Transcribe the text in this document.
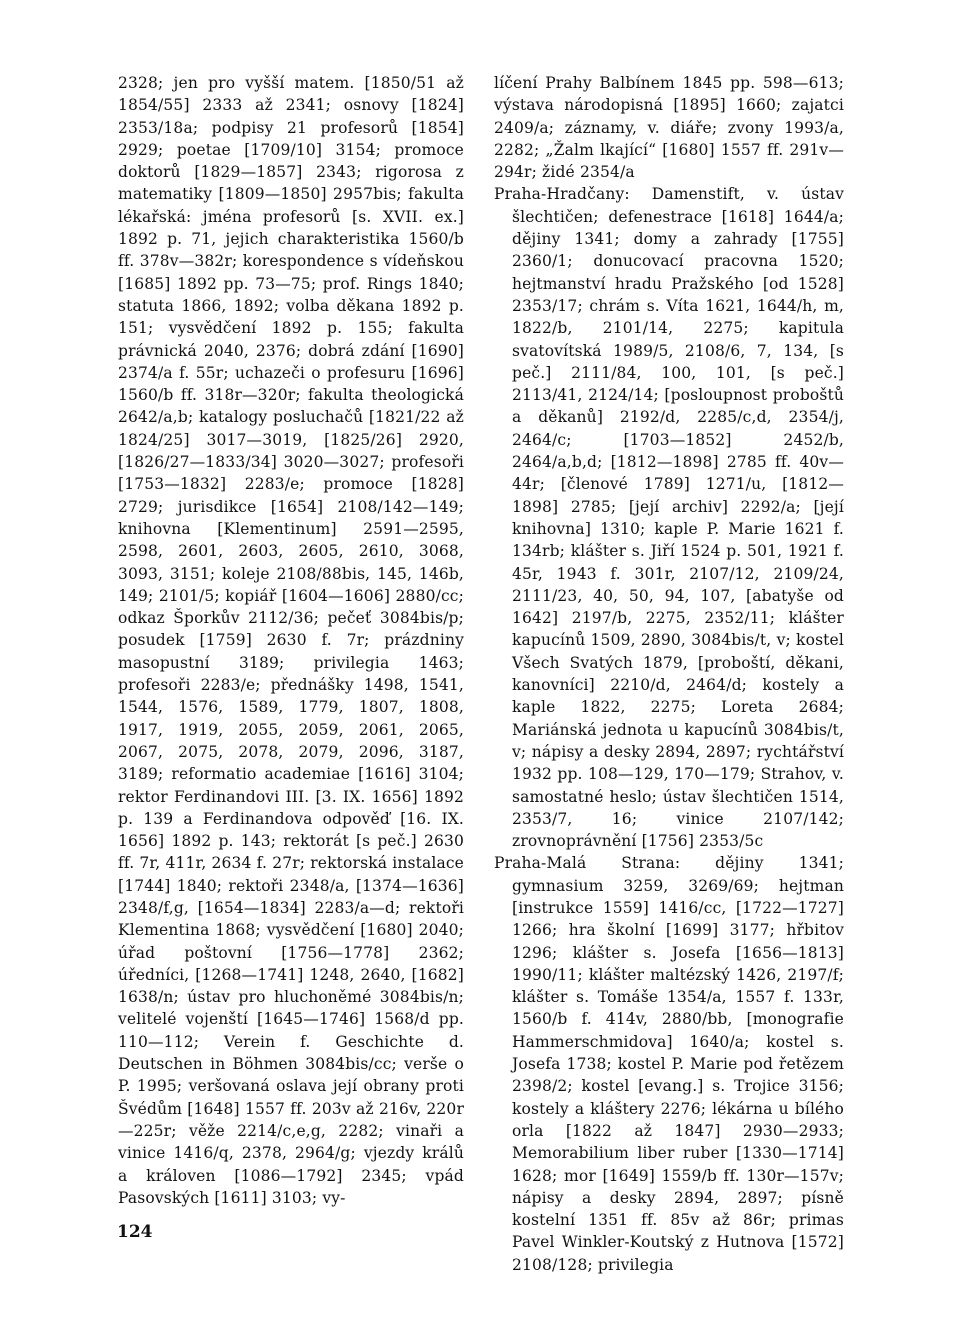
2328; jen pro vyšší matem. [1850/51 až 1854/55] 2333 až 2341; osnovy [1824] 2353/18a; podpisy 21 profesorů [1854] 2929; poetae [1709/10] 3154; promoce doktorů [1829—1857] 2343; rigorosa z matematiky [1809—1850] 2957bis; fakulta lékařská: jména profesorů [s. XVII. ex.] 1892 p. 71, jejich charakteristika 1560/b ff. 378v—382r; korespondence s vídeňskou [1685] 1892 pp. 73—75; prof. Rings 1840; statuta 1866, 1892; volba děkana 1892 p. 151; vysvědčení 1892 p. 155; fakulta právnická 2040, 2376; dobrá zdání [1690] 2374/a f. 55r; uchazeči o profesuru [1696] 1560/b ff. 318r—320r; fakulta theologická 2642/a,b; katalogy posluchačů [1821/22 až 1824/25] 3017—3019, [1825/26] 2920, [1826/27—1833/34] 3020—3027; profesoři [1753—1832] 2283/e; promoce [1828] 2729; jurisdikce [1654] 2108/142—149; knihovna [Klementinum] 2591—2595, 2598, 2601, 2603, 2605, 2610, 3068, 3093, 3151; koleje 2108/88bis, 145, 146b, 149; 2101/5; kopiář [1604—1606] 2880/cc; odkaz Šporkův 2112/36; pečeť 3084bis/p; posudek [1759] 2630 f. 7r; prázdniny masopustní 3189; privilegia 1463; profesoři 2283/e; přednášky 1498, 1541, 1544, 1576, 1589, 1779, 1807, 1808, 1917, 1919, 2055, 2059, 2061, 2065, 2067, 2075, 2078, 2079, 2096, 3187, 3189; reformatio academiae [1616] 3104; rektor Ferdinandovi III. [3. IX. 1656] 1892 p. 139 a Ferdinandova odpověď [16. IX. 1656] 1892 p. 143; rektorát [s peč.] 2630 ff. 7r, 411r, 2634 f. 27r; rektorská instalace [1744] 1840; rektoři 2348/a, [1374—1636] 2348/f,g, [1654—1834] 2283/a—d; rektoři Klementina 1868; vysvědčení [1680] 2040; úřad poštovní [1756—1778] 2362; úředníci, [1268—1741] 1248, 2640, [1682] 1638/n; ústav pro hluchoněmé 3084bis/n; velitelé vojenští [1645—1746] 1568/d pp. 110—112; Verein f. Geschichte d. Deutschen in Böhmen 3084bis/cc; verše o P. 1995; veršovaná oslava její obrany proti Švédům [1648] 1557 ff. 203v až 216v, 220r—225r; věže 2214/c,e,g, 2282; vinaři a vinice 1416/q, 2378, 2964/g; vjezdy králů a královen [1086—1792] 2345; vpád Pasovských [1611] 3103; vy-

líčení Prahy Balbínem 1845 pp. 598—613; výstava národopisná [1895] 1660; zajatci 2409/a; záznamy, v. diáře; zvony 1993/a, 2282; „Žalm lkající“ [1680] 1557 ff. 291v—294r; židé 2354/a

Praha-Hradčany: Damenstift, v. ústav šlechtičen; defenestrace [1618] 1644/a; dějiny 1341; domy a zahrady [1755] 2360/1; donucovací pracovna 1520; hejtmanství hradu Pražského [od 1528] 2353/17; chrám s. Víta 1621, 1644/h, m, 1822/b, 2101/14, 2275; kapitula svatovítská 1989/5, 2108/6, 7, 134, [s peč.] 2111/84, 100, 101, [s peč.] 2113/41, 2124/14; [posloupnost proboštů a děkanů] 2192/d, 2285/c,d, 2354/j, 2464/c; [1703—1852] 2452/b, 2464/a,b,d; [1812—1898] 2785 ff. 40v—44r; [členové 1789] 1271/u, [1812—1898] 2785; [její archiv] 2292/a; [její knihovna] 1310; kaple P. Marie 1621 f. 134rb; klášter s. Jiří 1524 p. 501, 1921 f. 45r, 1943 f. 301r, 2107/12, 2109/24, 2111/23, 40, 50, 94, 107, [abatyše od 1642] 2197/b, 2275, 2352/11; klášter kapucínů 1509, 2890, 3084bis/t, v; kostel Všech Svatých 1879, [proboští, děkani, kanovníci] 2210/d, 2464/d; kostely a kaple 1822, 2275; Loreta 2684; Mariánská jednota u kapucínů 3084bis/t, v; nápisy a desky 2894, 2897; rychtářství 1932 pp. 108—129, 170—179; Strahov, v. samostatné heslo; ústav šlechtičen 1514, 2353/7, 16; vinice 2107/142; zrovnoprávnění [1756] 2353/5c

Praha-Malá Strana: dějiny 1341; gymnasium 3259, 3269/69; hejtman [instrukce 1559] 1416/cc, [1722—1727] 1266; hra školní [1699] 3177; hřbitov 1296; klášter s. Josefa [1656—1813] 1990/11; klášter maltézský 1426, 2197/f; klášter s. Tomáše 1354/a, 1557 f. 133r, 1560/b f. 414v, 2880/bb, [monografie Hammerschmidova] 1640/a; kostel s. Josefa 1738; kostel P. Marie pod řetězem 2398/2; kostel [evang.] s. Trojice 3156; kostely a kláštery 2276; lékárna u bílého orla [1822 až 1847] 2930—2933; Memorabilium liber ruber [1330—1714] 1628; mor [1649] 1559/b ff. 130r—157v; nápisy a desky 2894, 2897; písně kostelní 1351 ff. 85v až 86r; primas Pavel Winkler-Koutský z Hutnova [1572] 2108/128; privilegia

124
